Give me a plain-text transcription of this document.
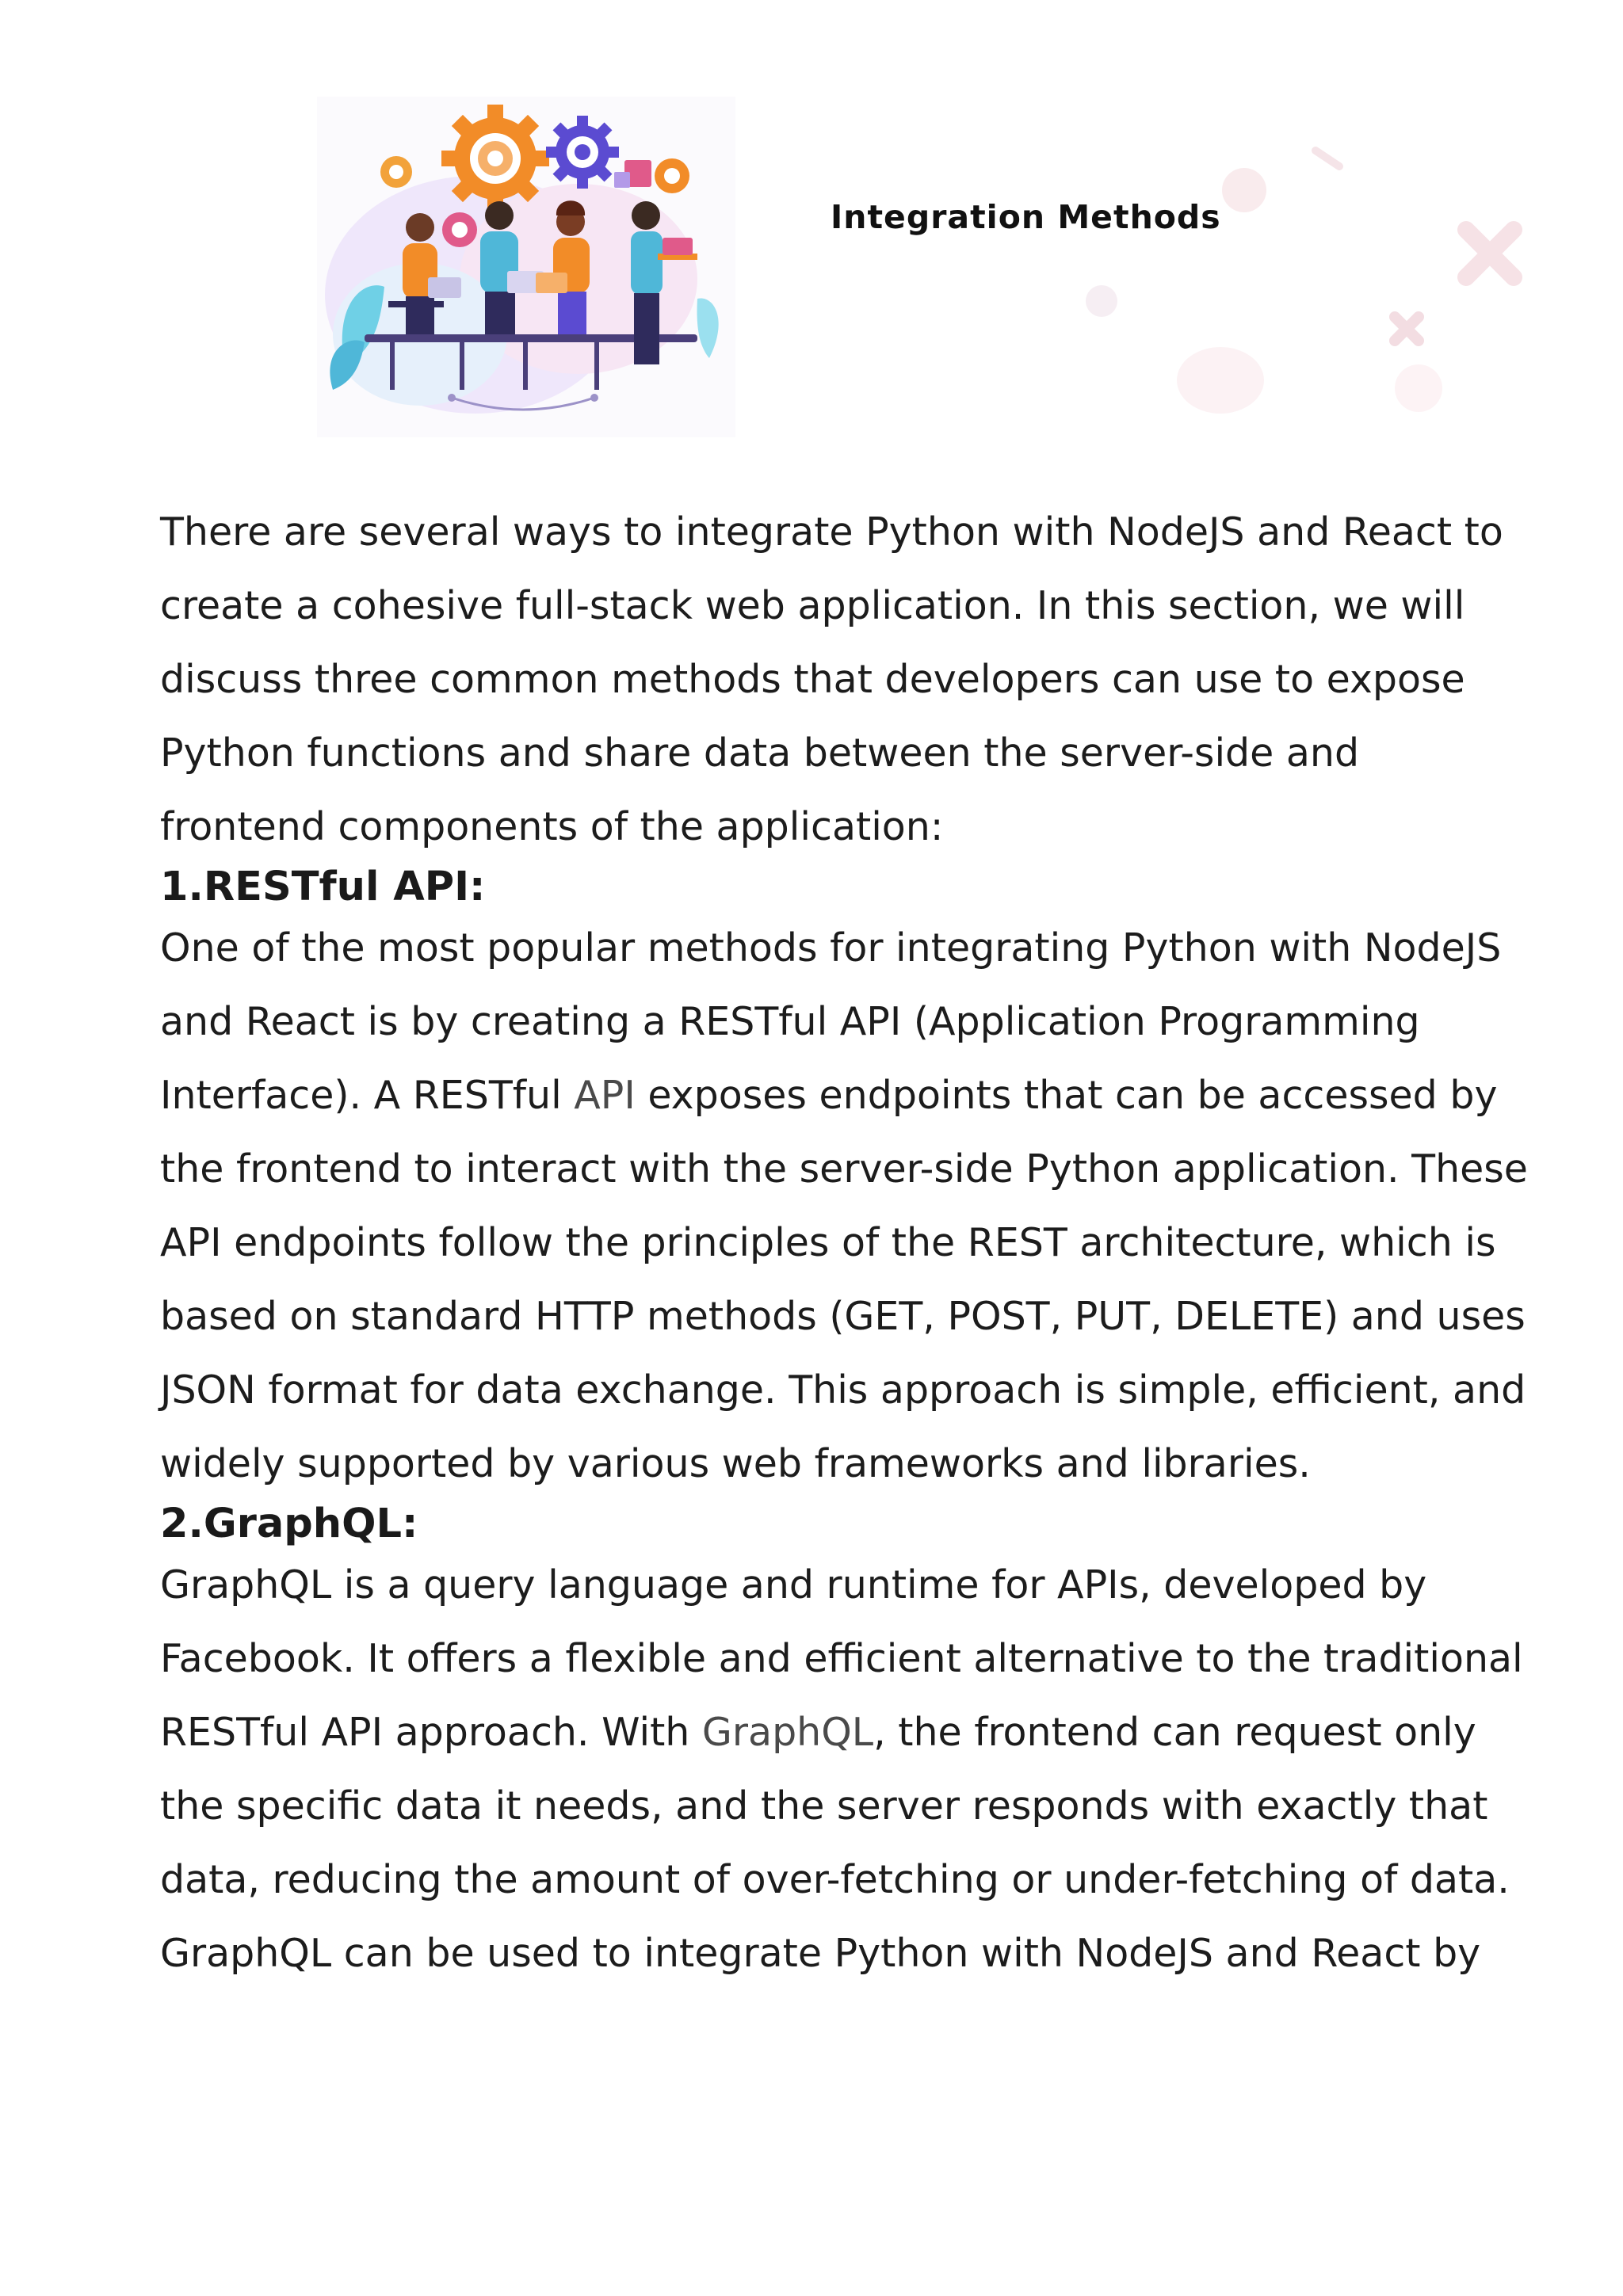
Integration Methods

There are several ways to integrate Python with NodeJS and React to
create a cohesive full-stack web application. In this section, we will
discuss three common methods that developers can use to expose
Python functions and share data between the server-side and
frontend components of the application:

1.RESTful API:

One of the most popular methods for integrating Python with NodeJS
and React is by creating a RESTful API (Application Programming
Interface). A RESTful API exposes endpoints that can be accessed by
the frontend to interact with the server-side Python application. These
API endpoints follow the principles of the REST architecture, which is
based on standard HTTP methods (GET, POST, PUT, DELETE) and uses
JSON format for data exchange. This approach is simple, efficient, and
widely supported by various web frameworks and libraries.

2.GraphQL:

GraphQL is a query language and runtime for APIs, developed by
Facebook. It offers a flexible and efficient alternative to the traditional
RESTful API approach. With GraphQL, the frontend can request only
the specific data it needs, and the server responds with exactly that
data, reducing the amount of over-fetching or under-fetching of data.
GraphQL can be used to integrate Python with NodeJS and React by
